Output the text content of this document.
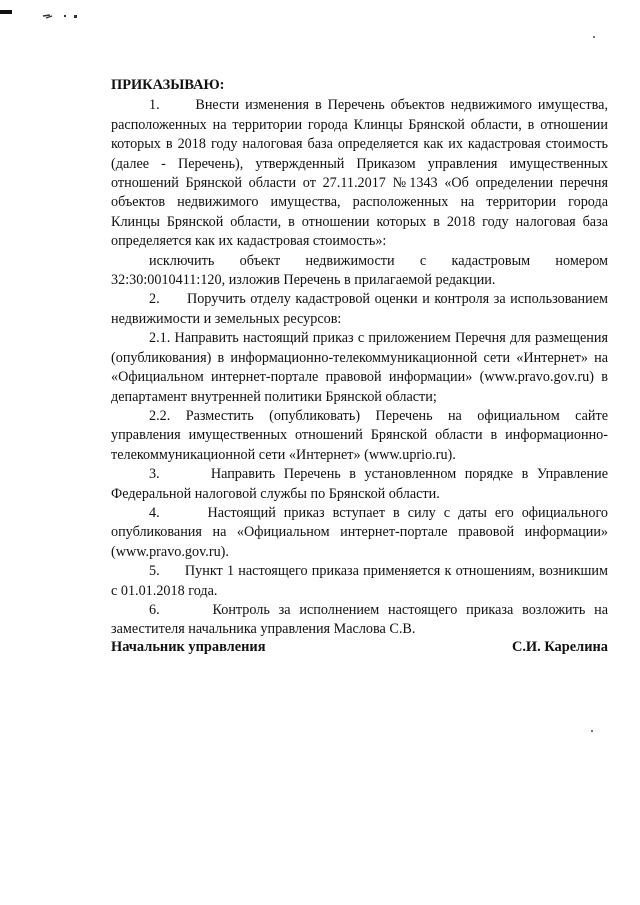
ПРИКАЗЫВАЮ:

1.      Внести изменения в Перечень объектов недвижимого имущества, расположенных на территории города Клинцы Брянской области, в отношении которых в 2018 году налоговая база определяется как их кадастровая стоимость (далее - Перечень), утвержденный Приказом управления имущественных отношений Брянской области от 27.11.2017 №1343 «Об определении перечня объектов недвижимого имущества, расположенных на территории города Клинцы Брянской области, в отношении которых в 2018 году налоговая база определяется как их кадастровая стоимость»:

исключить объект недвижимости с кадастровым номером 32:30:0010411:120, изложив Перечень в прилагаемой редакции.

2.      Поручить отделу кадастровой оценки и контроля за использованием недвижимости и земельных ресурсов:

2.1. Направить настоящий приказ с приложением Перечня для размещения (опубликования) в информационно-телекоммуникационной сети «Интернет» на «Официальном интернет-портале правовой информации» (www.pravo.gov.ru) в департамент внутренней политики Брянской области;

2.2. Разместить (опубликовать) Перечень на официальном сайте управления имущественных отношений Брянской области в информационно-телекоммуникационной сети «Интернет» (www.uprio.ru).

3.      Направить Перечень в установленном порядке в Управление Федеральной налоговой службы по Брянской области.

4.      Настоящий приказ вступает в силу с даты его официального опубликования на «Официальном интернет-портале правовой информации» (www.pravo.gov.ru).

5.      Пункт 1 настоящего приказа применяется к отношениям, возникшим с 01.01.2018 года.

6.      Контроль за исполнением настоящего приказа возложить на заместителя начальника управления Маслова С.В.

Начальник управления	С.И. Карелина
